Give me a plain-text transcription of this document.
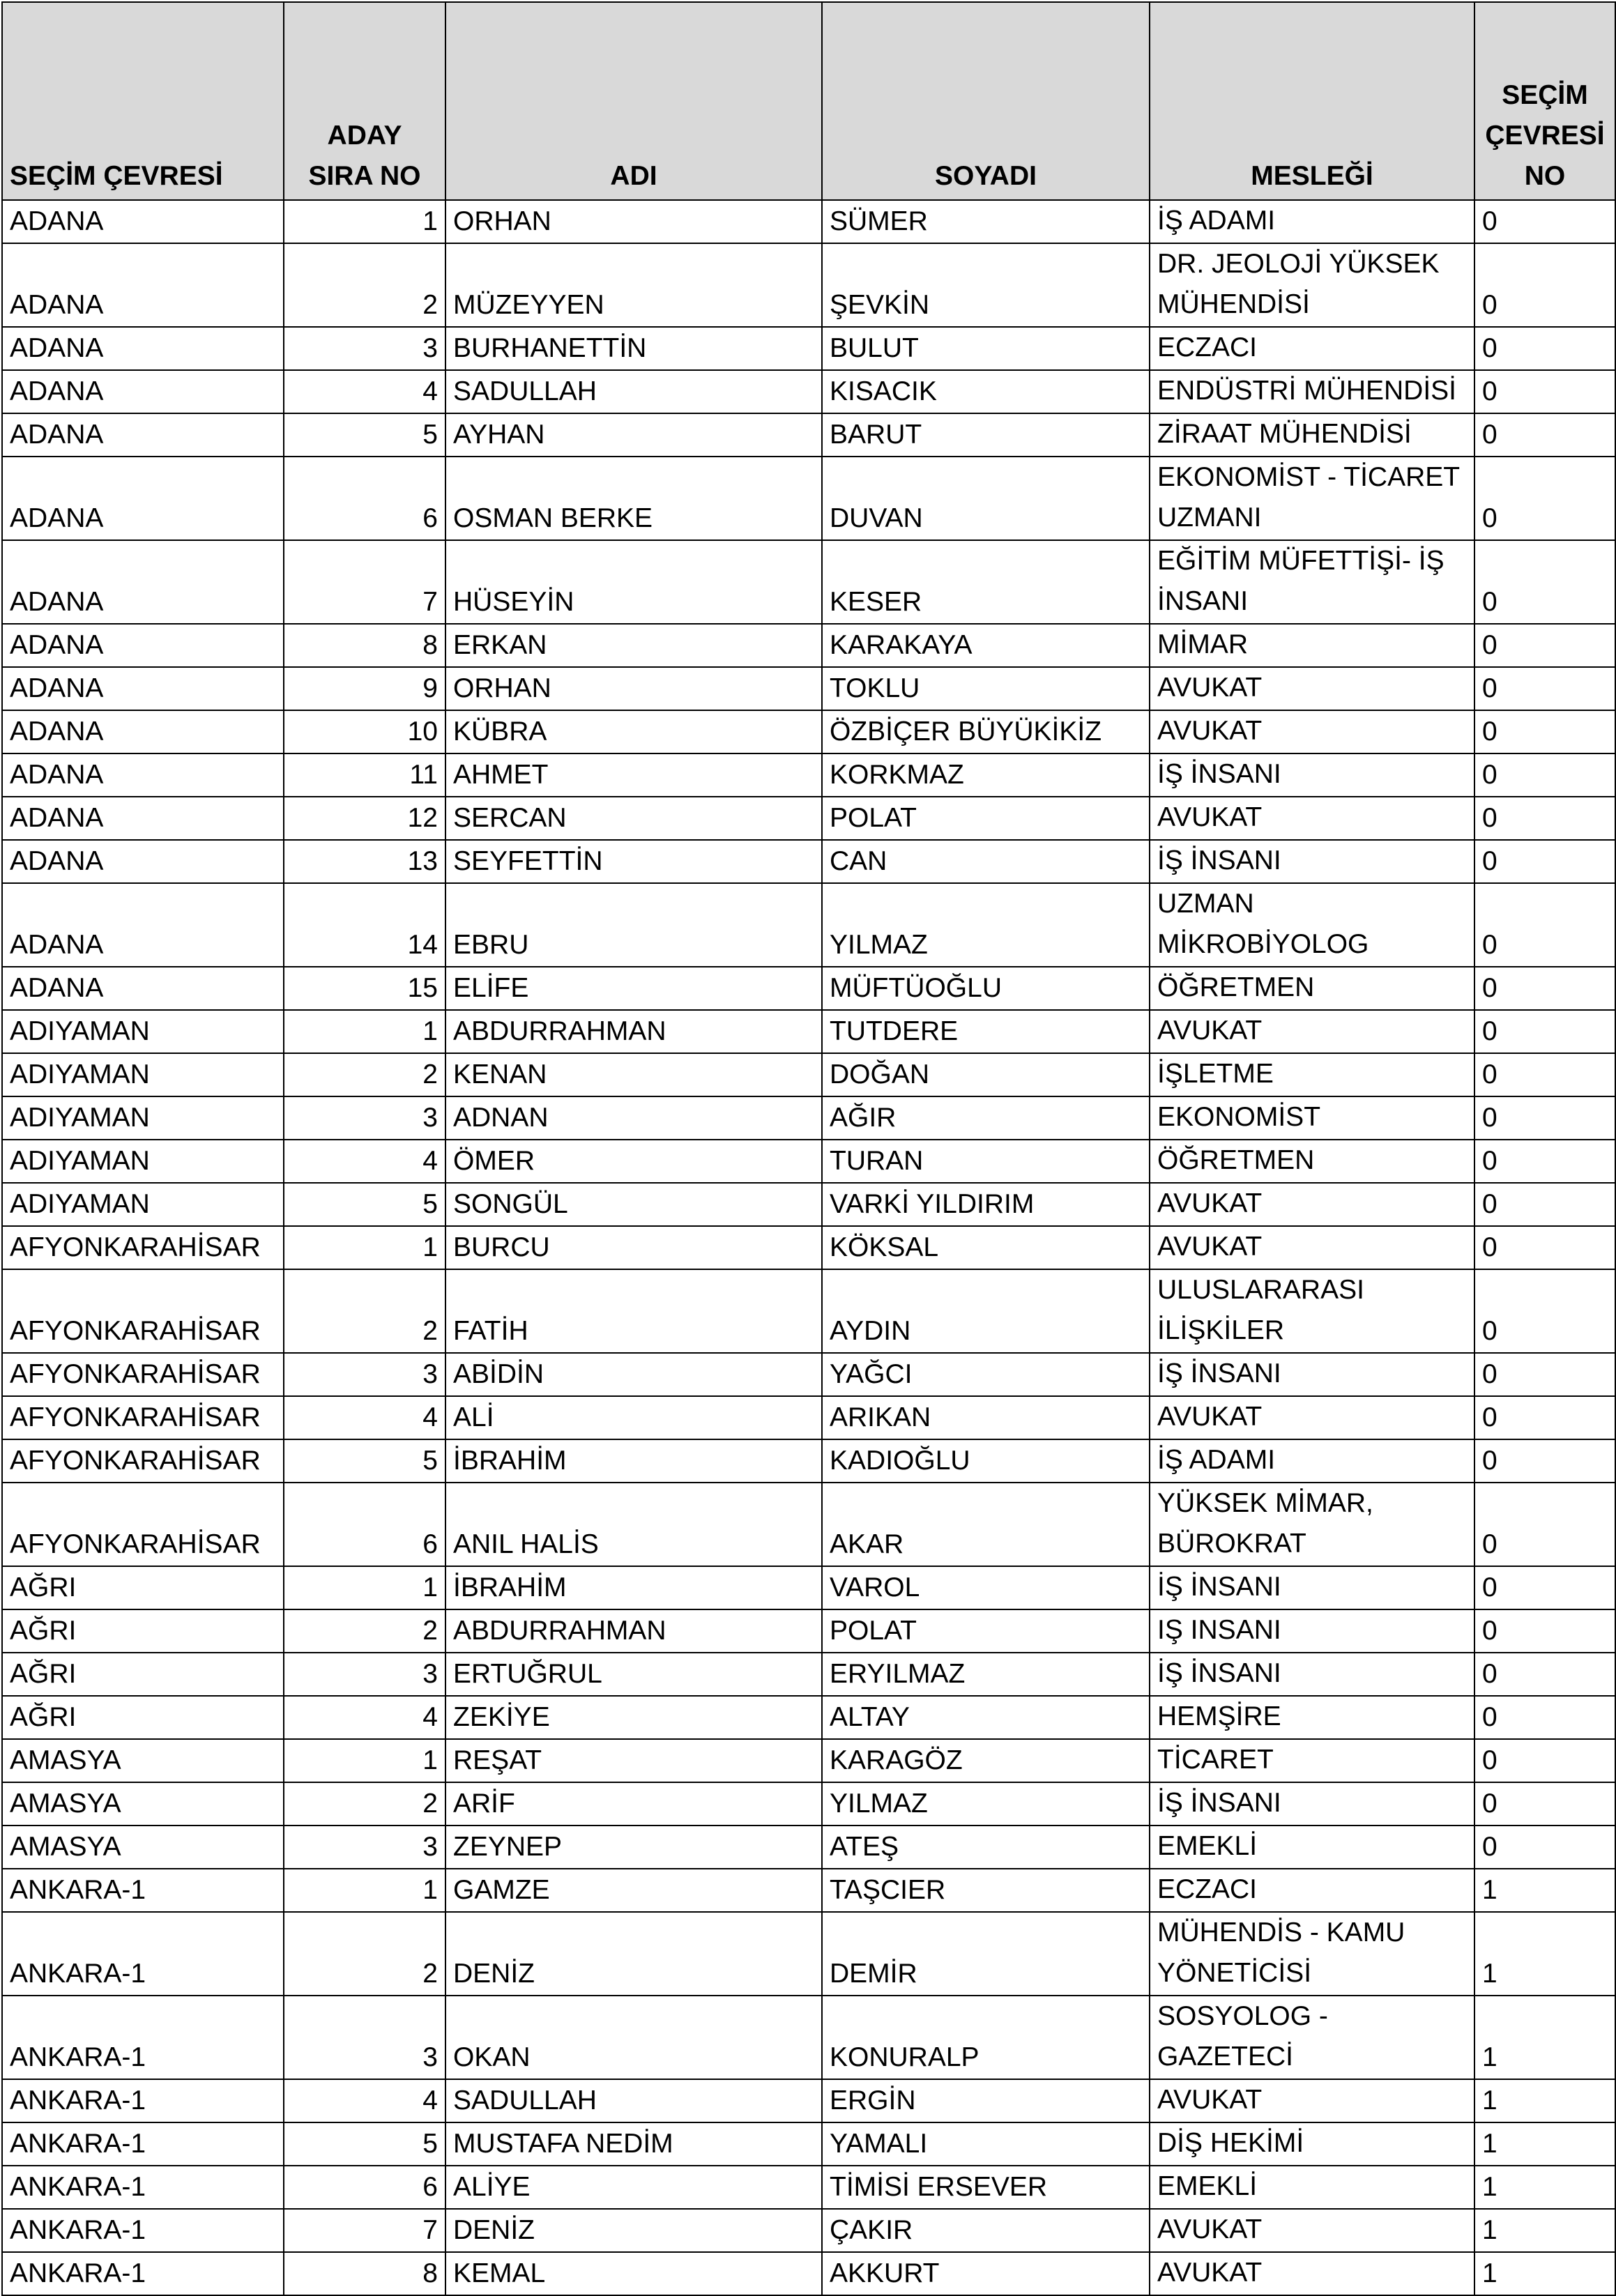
SEÇİM ÇEVRESİ	ADAY SIRA NO	ADI	SOYADI	MESLEĞİ	SEÇİM ÇEVRESİ NO
ADANA	1	ORHAN	SÜMER	İŞ ADAMI	0
ADANA	2	MÜZEYYEN	ŞEVKİN	DR. JEOLOJİ YÜKSEK MÜHENDİSİ	0
ADANA	3	BURHANETTİN	BULUT	ECZACI	0
ADANA	4	SADULLAH	KISACIK	ENDÜSTRİ MÜHENDİSİ	0
ADANA	5	AYHAN	BARUT	ZİRAAT MÜHENDİSİ	0
ADANA	6	OSMAN BERKE	DUVAN	EKONOMİST - TİCARET UZMANI	0
ADANA	7	HÜSEYİN	KESER	EĞİTİM MÜFETTİŞİ- İŞ İNSANI	0
ADANA	8	ERKAN	KARAKAYA	MİMAR	0
ADANA	9	ORHAN	TOKLU	AVUKAT	0
ADANA	10	KÜBRA	ÖZBİÇER BÜYÜKİKİZ	AVUKAT	0
ADANA	11	AHMET	KORKMAZ	İŞ İNSANI	0
ADANA	12	SERCAN	POLAT	AVUKAT	0
ADANA	13	SEYFETTİN	CAN	İŞ İNSANI	0
ADANA	14	EBRU	YILMAZ	UZMAN MİKROBİYOLOG	0
ADANA	15	ELİFE	MÜFTÜOĞLU	ÖĞRETMEN	0
ADIYAMAN	1	ABDURRAHMAN	TUTDERE	AVUKAT	0
ADIYAMAN	2	KENAN	DOĞAN	İŞLETME	0
ADIYAMAN	3	ADNAN	AĞIR	EKONOMİST	0
ADIYAMAN	4	ÖMER	TURAN	ÖĞRETMEN	0
ADIYAMAN	5	SONGÜL	VARKİ YILDIRIM	AVUKAT	0
AFYONKARAHİSAR	1	BURCU	KÖKSAL	AVUKAT	0
AFYONKARAHİSAR	2	FATİH	AYDIN	ULUSLARARASI İLİŞKİLER	0
AFYONKARAHİSAR	3	ABİDİN	YAĞCI	İŞ İNSANI	0
AFYONKARAHİSAR	4	ALİ	ARIKAN	AVUKAT	0
AFYONKARAHİSAR	5	İBRAHİM	KADIOĞLU	İŞ ADAMI	0
AFYONKARAHİSAR	6	ANIL HALİS	AKAR	YÜKSEK MİMAR, BÜROKRAT	0
AĞRI	1	İBRAHİM	VAROL	İŞ İNSANI	0
AĞRI	2	ABDURRAHMAN	POLAT	IŞ INSANI	0
AĞRI	3	ERTUĞRUL	ERYILMAZ	İŞ İNSANI	0
AĞRI	4	ZEKİYE	ALTAY	HEMŞİRE	0
AMASYA	1	REŞAT	KARAGÖZ	TİCARET	0
AMASYA	2	ARİF	YILMAZ	İŞ İNSANI	0
AMASYA	3	ZEYNEP	ATEŞ	EMEKLİ	0
ANKARA-1	1	GAMZE	TAŞCIER	ECZACI	1
ANKARA-1	2	DENİZ	DEMİR	MÜHENDİS - KAMU YÖNETİCİSİ	1
ANKARA-1	3	OKAN	KONURALP	SOSYOLOG - GAZETECİ	1
ANKARA-1	4	SADULLAH	ERGİN	AVUKAT	1
ANKARA-1	5	MUSTAFA NEDİM	YAMALI	DİŞ HEKİMİ	1
ANKARA-1	6	ALİYE	TİMİSİ ERSEVER	EMEKLİ	1
ANKARA-1	7	DENİZ	ÇAKIR	AVUKAT	1
ANKARA-1	8	KEMAL	AKKURT	AVUKAT	1
